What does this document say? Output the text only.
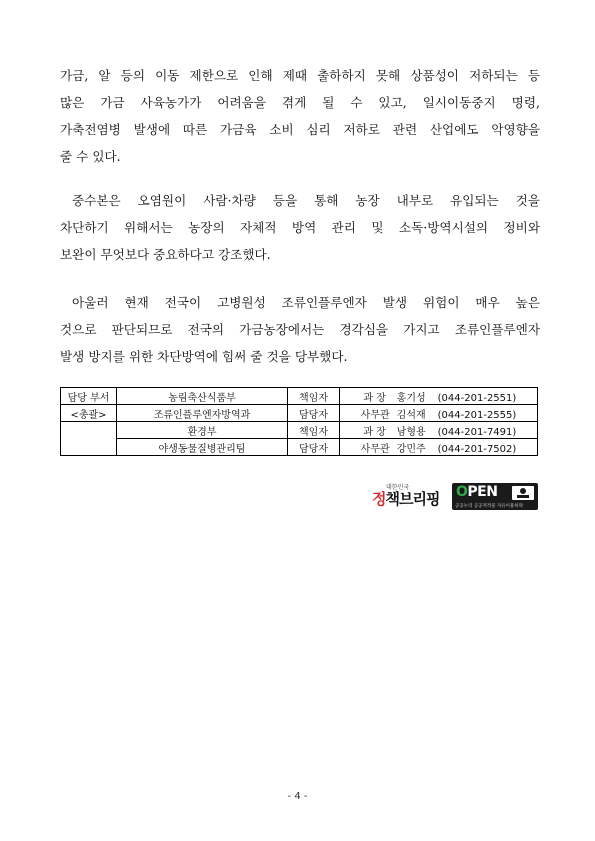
가금, 알 등의 이동 제한으로 인해 제때 출하하지 못해 상품성이 저하되는 등
많은 가금 사육농가가 어려움을 겪게 될 수 있고, 일시이동중지 명령,
가축전염병 발생에 따른 가금육 소비 심리 저하로 관련 산업에도 악영향을
줄 수 있다.
중수본은 오염원이 사람·차량 등을 통해 농장 내부로 유입되는 것을
차단하기 위해서는 농장의 자체적 방역 관리 및 소독·방역시설의 정비와
보완이 무엇보다 중요하다고 강조했다.
아울러 현재 전국이 고병원성 조류인플루엔자 발생 위험이 매우 높은
것으로 판단되므로 전국의 가금농장에서는 경각심을 가지고 조류인플루엔자
발생 방지를 위한 차단방역에 힘써 줄 것을 당부했다.
담당 부서	농림축산식품부	책임자	과 장 홍기성 (044-201-2551)
<총괄>	조류인플루엔자방역과	담당자	사무관 김석재 (044-201-2555)
	환경부	책임자	과 장 남형용 (044-201-7491)
	야생동물질병관리팀	담당자	사무관 강민주 (044-201-7502)
대한민국
정책브리핑 OPEN
공공누리 공공저작물 자유이용허락
- 4 -
